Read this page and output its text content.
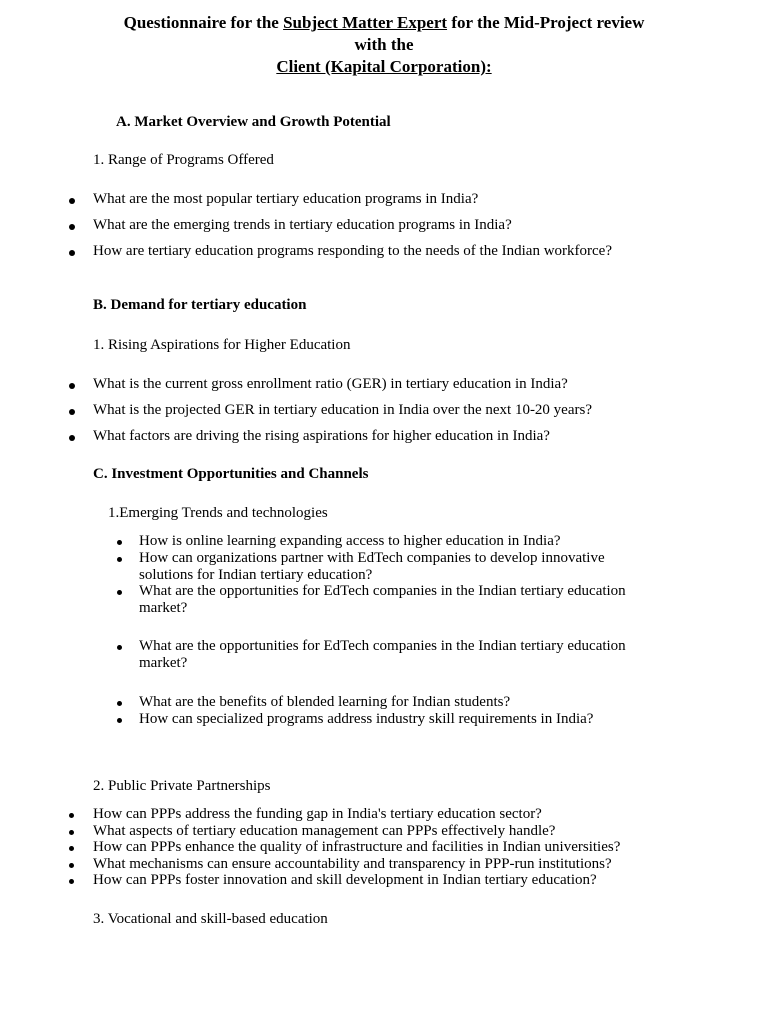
Questionnaire for the Subject Matter Expert for the Mid-Project review
with the
Client (Kapital Corporation):
A. Market Overview and Growth Potential
1. Range of Programs Offered
What are the most popular tertiary education programs in India?
What are the emerging trends in tertiary education programs in India?
How are tertiary education programs responding to the needs of the Indian workforce?
B. Demand for tertiary education
1. Rising Aspirations for Higher Education
What is the current gross enrollment ratio (GER) in tertiary education in India?
What is the projected GER in tertiary education in India over the next 10-20 years?
What factors are driving the rising aspirations for higher education in India?
C. Investment Opportunities and Channels
1.Emerging Trends and technologies
How is online learning expanding access to higher education in India?
How can organizations partner with EdTech companies to develop innovative
solutions for Indian tertiary education?
What are the opportunities for EdTech companies in the Indian tertiary education
market?
What are the opportunities for EdTech companies in the Indian tertiary education
market?
What are the benefits of blended learning for Indian students?
How can specialized programs address industry skill requirements in India?
2. Public Private Partnerships
How can PPPs address the funding gap in India's tertiary education sector?
What aspects of tertiary education management can PPPs effectively handle?
How can PPPs enhance the quality of infrastructure and facilities in Indian universities?
What mechanisms can ensure accountability and transparency in PPP-run institutions?
How can PPPs foster innovation and skill development in Indian tertiary education?
3. Vocational and skill-based education
